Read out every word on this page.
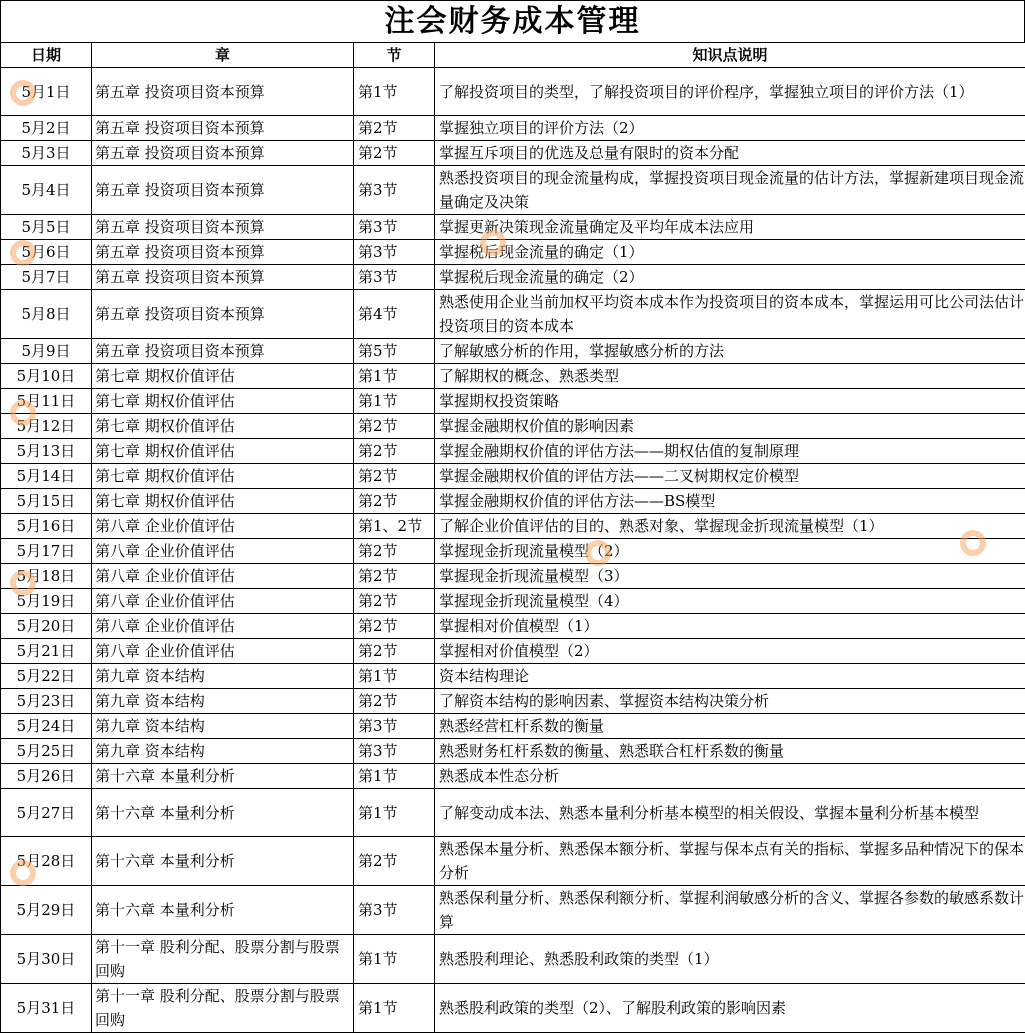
注会财务成本管理
日期	章	节	知识点说明
5月1日	第五章 投资项目资本预算	第1节	了解投资项目的类型，了解投资项目的评价程序，掌握独立项目的评价方法（1）
5月2日	第五章 投资项目资本预算	第2节	掌握独立项目的评价方法（2）
5月3日	第五章 投资项目资本预算	第2节	掌握互斥项目的优选及总量有限时的资本分配
5月4日	第五章 投资项目资本预算	第3节	熟悉投资项目的现金流量构成，掌握投资项目现金流量的估计方法，掌握新建项目现金流量确定及决策
5月5日	第五章 投资项目资本预算	第3节	掌握更新决策现金流量确定及平均年成本法应用
5月6日	第五章 投资项目资本预算	第3节	掌握税后现金流量的确定（1）
5月7日	第五章 投资项目资本预算	第3节	掌握税后现金流量的确定（2）
5月8日	第五章 投资项目资本预算	第4节	熟悉使用企业当前加权平均资本成本作为投资项目的资本成本，掌握运用可比公司法估计投资项目的资本成本
5月9日	第五章 投资项目资本预算	第5节	了解敏感分析的作用，掌握敏感分析的方法
5月10日	第七章 期权价值评估	第1节	了解期权的概念、熟悉类型
5月11日	第七章 期权价值评估	第1节	掌握期权投资策略
5月12日	第七章 期权价值评估	第2节	掌握金融期权价值的影响因素
5月13日	第七章 期权价值评估	第2节	掌握金融期权价值的评估方法——期权估值的复制原理
5月14日	第七章 期权价值评估	第2节	掌握金融期权价值的评估方法——二叉树期权定价模型
5月15日	第七章 期权价值评估	第2节	掌握金融期权价值的评估方法——BS模型
5月16日	第八章 企业价值评估	第1、2节	了解企业价值评估的目的、熟悉对象、掌握现金折现流量模型（1）
5月17日	第八章 企业价值评估	第2节	掌握现金折现流量模型（2）
5月18日	第八章 企业价值评估	第2节	掌握现金折现流量模型（3）
5月19日	第八章 企业价值评估	第2节	掌握现金折现流量模型（4）
5月20日	第八章 企业价值评估	第2节	掌握相对价值模型（1）
5月21日	第八章 企业价值评估	第2节	掌握相对价值模型（2）
5月22日	第九章 资本结构	第1节	资本结构理论
5月23日	第九章 资本结构	第2节	了解资本结构的影响因素、掌握资本结构决策分析
5月24日	第九章 资本结构	第3节	熟悉经营杠杆系数的衡量
5月25日	第九章 资本结构	第3节	熟悉财务杠杆系数的衡量、熟悉联合杠杆系数的衡量
5月26日	第十六章 本量利分析	第1节	熟悉成本性态分析
5月27日	第十六章 本量利分析	第1节	了解变动成本法、熟悉本量利分析基本模型的相关假设、掌握本量利分析基本模型
5月28日	第十六章 本量利分析	第2节	熟悉保本量分析、熟悉保本额分析、掌握与保本点有关的指标、掌握多品种情况下的保本分析
5月29日	第十六章 本量利分析	第3节	熟悉保利量分析、熟悉保利额分析、掌握利润敏感分析的含义、掌握各参数的敏感系数计算
5月30日	第十一章 股利分配、股票分割与股票回购	第1节	熟悉股利理论、熟悉股利政策的类型（1）
5月31日	第十一章 股利分配、股票分割与股票回购	第1节	熟悉股利政策的类型（2）、了解股利政策的影响因素
